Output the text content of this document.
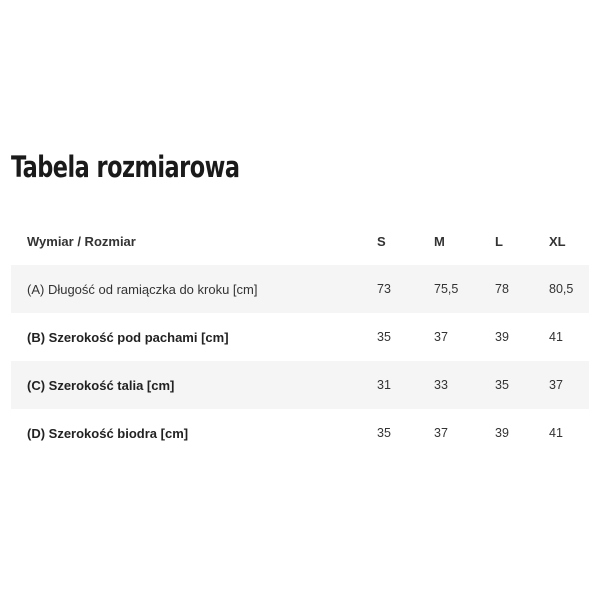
Tabela rozmiarowa
Wymiar / Rozmiar	S	M	L	XL
(A) Długość od ramiączka do kroku [cm]	73	75,5	78	80,5
(B) Szerokość pod pachami [cm]	35	37	39	41
(C) Szerokość talia [cm]	31	33	35	37
(D) Szerokość biodra [cm]	35	37	39	41
